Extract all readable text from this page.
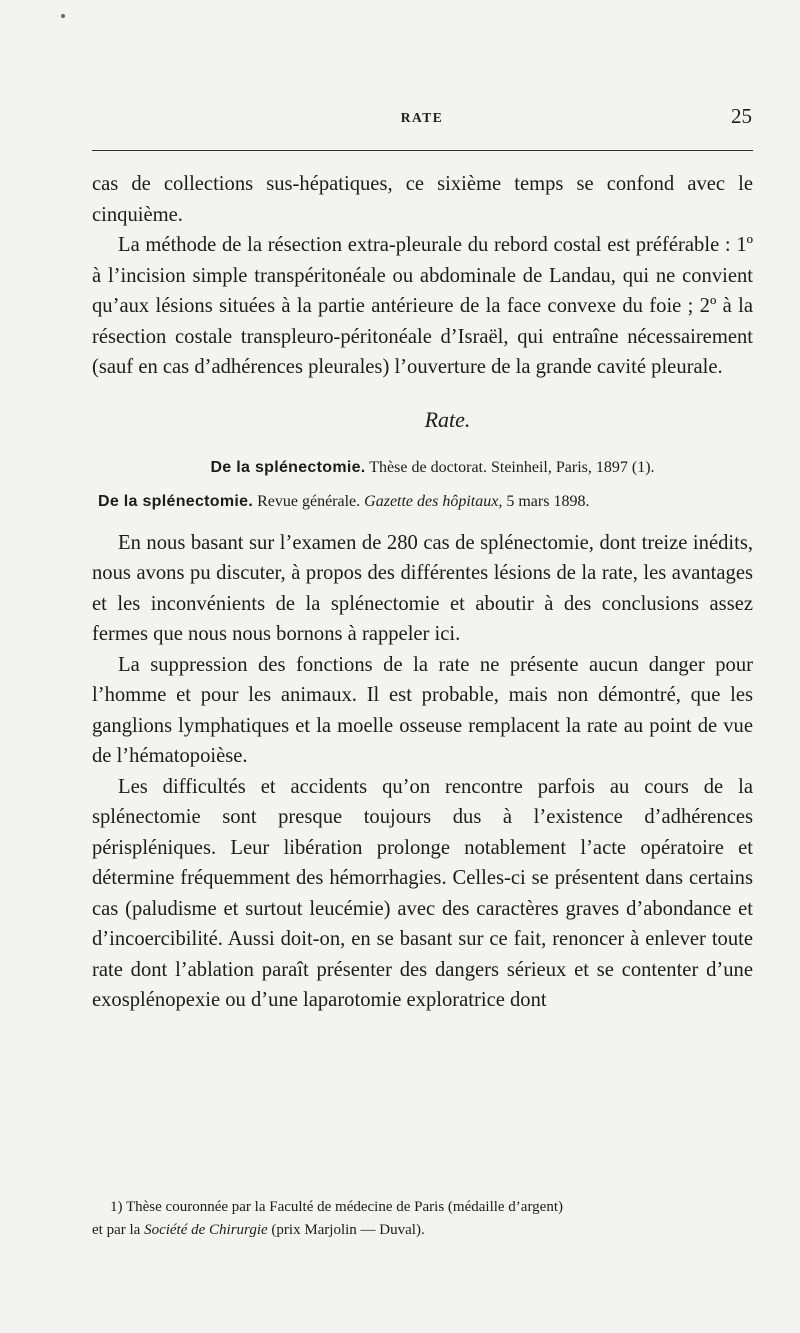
RATE	25

cas de collections sus-hépatiques, ce sixième temps se confond avec le cinquième.

La méthode de la résection extra-pleurale du rebord costal est préférable : 1º à l’incision simple transpéritonéale ou abdominale de Landau, qui ne convient qu’aux lésions situées à la partie antérieure de la face convexe du foie ; 2º à la résection costale transpleuro-péritonéale d’Israël, qui entraîne nécessairement (sauf en cas d’adhérences pleurales) l’ouverture de la grande cavité pleurale.

Rate.
De la splénectomie. Thèse de doctorat. Steinheil, Paris, 1897 (1).
De la splénectomie. Revue générale. Gazette des hôpitaux, 5 mars 1898.

En nous basant sur l’examen de 280 cas de splénectomie, dont treize inédits, nous avons pu discuter, à propos des différentes lésions de la rate, les avantages et les inconvénients de la splénectomie et aboutir à des conclusions assez fermes que nous nous bornons à rappeler ici.

La suppression des fonctions de la rate ne présente aucun danger pour l’homme et pour les animaux. Il est probable, mais non démontré, que les ganglions lymphatiques et la moelle osseuse remplacent la rate au point de vue de l’hématopoièse.

Les difficultés et accidents qu’on rencontre parfois au cours de la splénectomie sont presque toujours dus à l’existence d’adhérences périspléniques. Leur libération prolonge notablement l’acte opératoire et détermine fréquemment des hémorrhagies. Celles-ci se présentent dans certains cas (paludisme et surtout leucémie) avec des caractères graves d’abondance et d’incoercibilité. Aussi doit-on, en se basant sur ce fait, renoncer à enlever toute rate dont l’ablation paraît présenter des dangers sérieux et se contenter d’une exosplénopexie ou d’une laparotomie exploratrice dont

1) Thèse couronnée par la Faculté de médecine de Paris (médaille d’argent)
et par la Société de Chirurgie (prix Marjolin — Duval).
